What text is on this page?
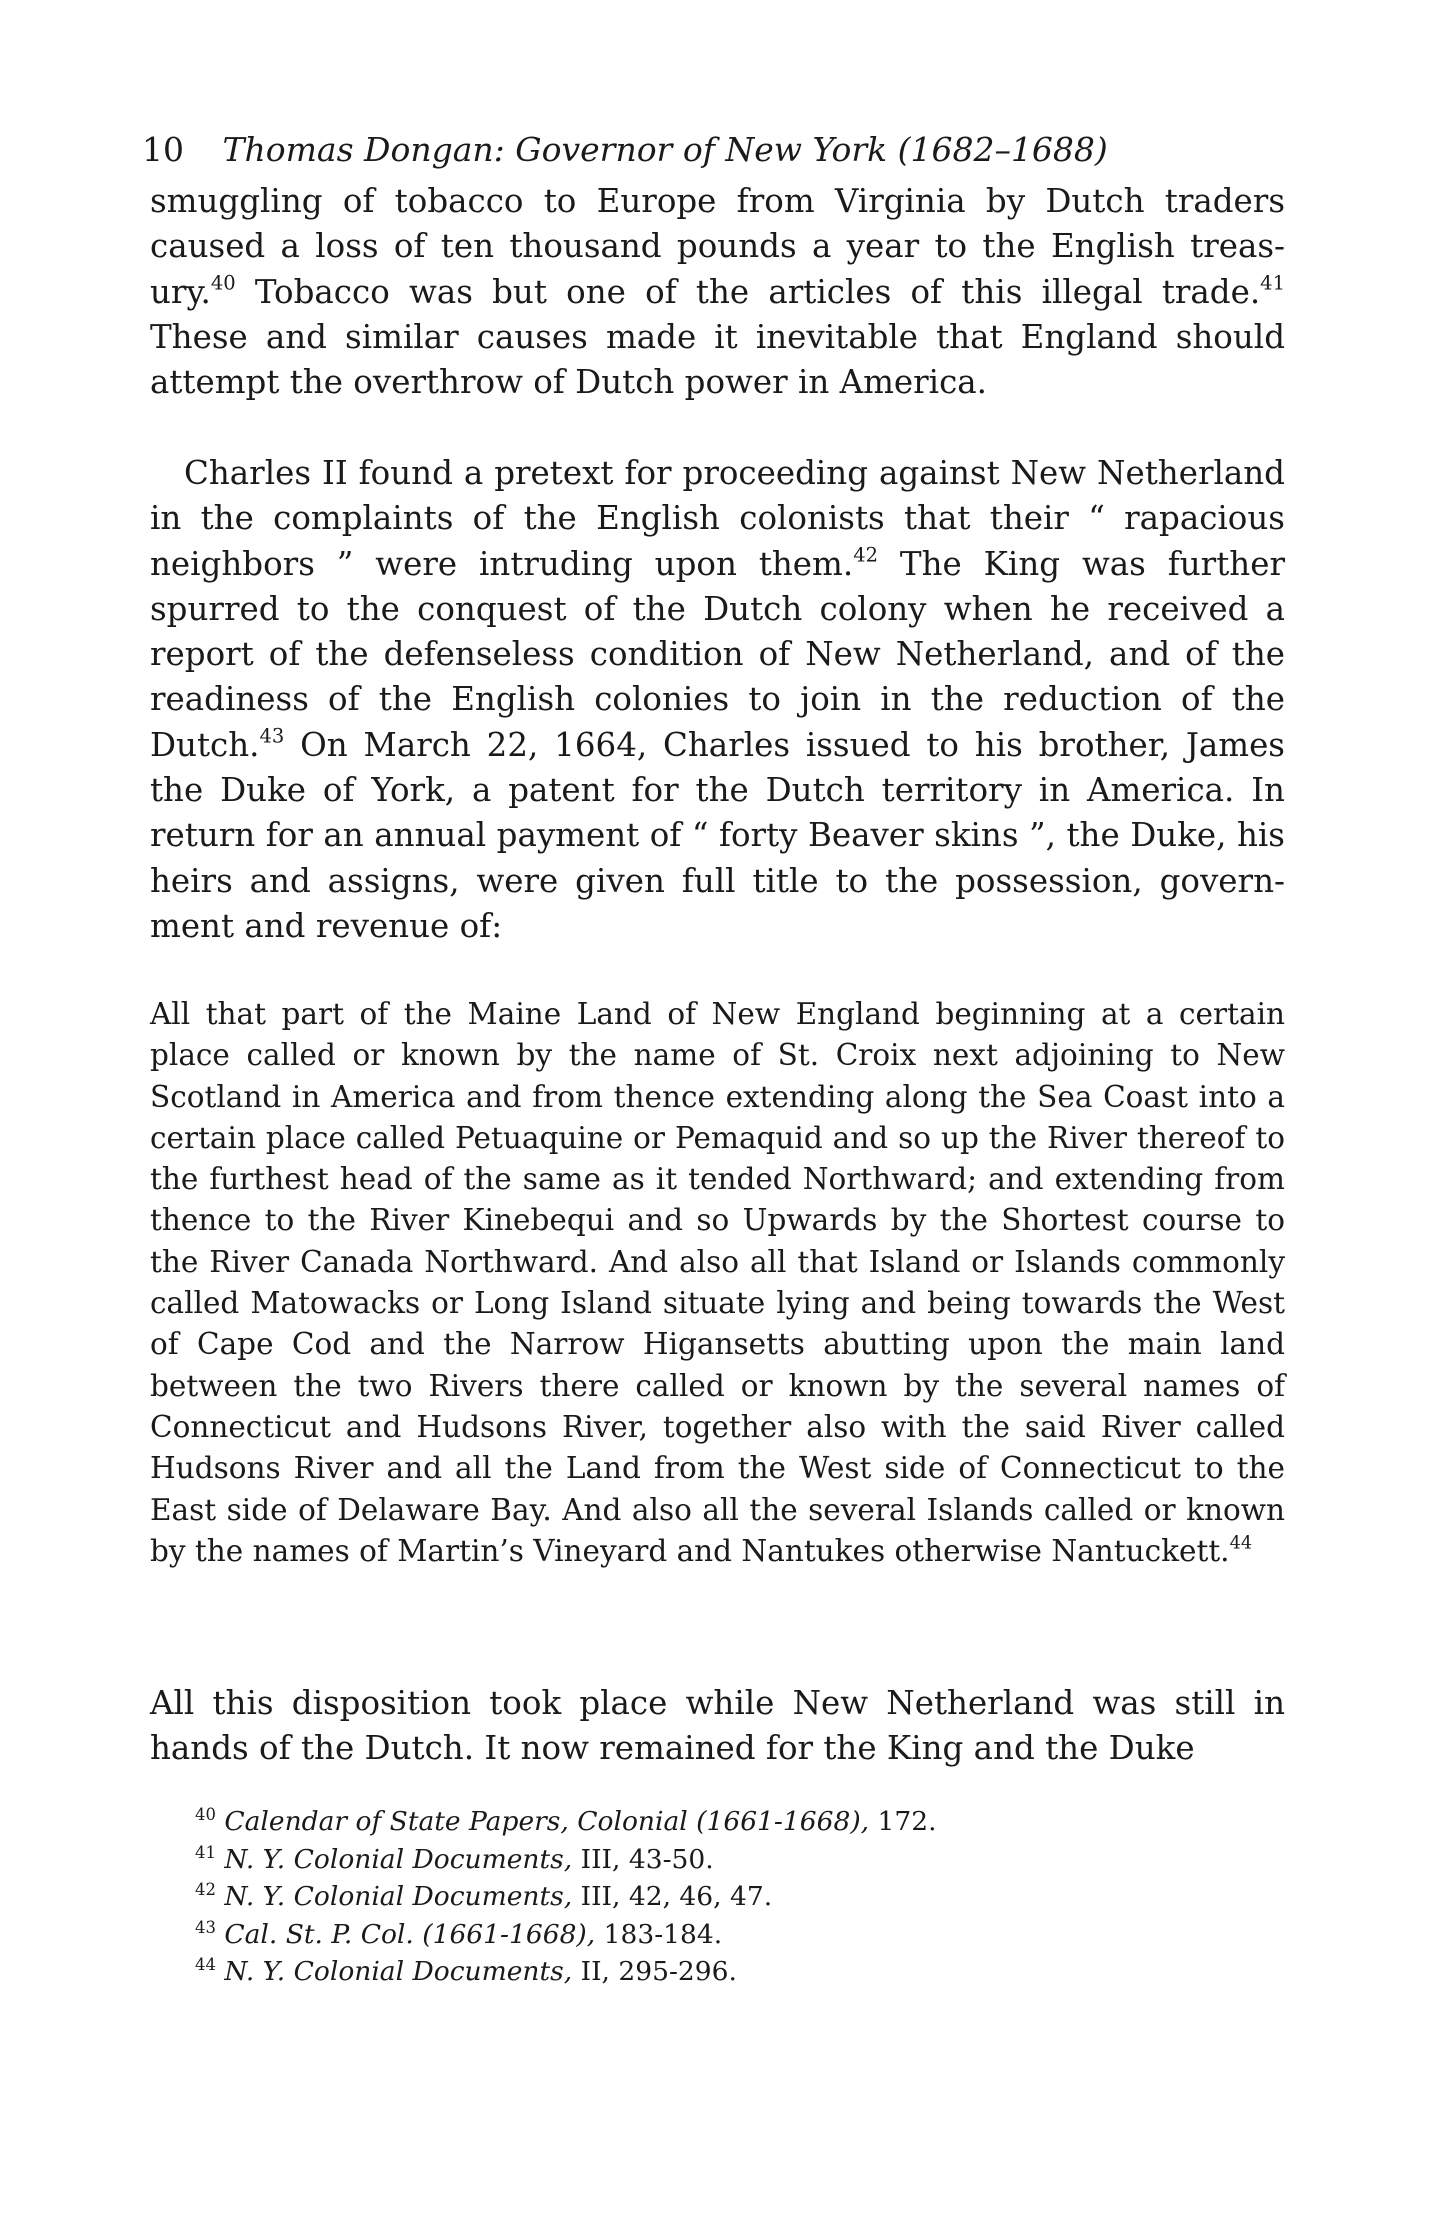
10 Thomas Dongan: Governor of New York (1682–1688)

smuggling of tobacco to Europe from Virginia by Dutch traders caused a loss of ten thousand pounds a year to the English treasury.$^{40}$ Tobacco was but one of the articles of this illegal trade.$^{41}$ These and similar causes made it inevitable that England should attempt the overthrow of Dutch power in America.

Charles II found a pretext for proceeding against New Netherland in the complaints of the English colonists that their “ rapacious neighbors ” were intruding upon them.$^{42}$ The King was further spurred to the conquest of the Dutch colony when he received a report of the defenseless condition of New Netherland, and of the readiness of the English colonies to join in the reduction of the Dutch.$^{43}$ On March 22, 1664, Charles issued to his brother, James the Duke of York, a patent for the Dutch territory in America. In return for an annual payment of “ forty Beaver skins ”, the Duke, his heirs and assigns, were given full title to the possession, government and revenue of:

All that part of the Maine Land of New England beginning at a certain place called or known by the name of St. Croix next adjoining to New Scotland in America and from thence extending along the Sea Coast into a certain place called Petuaquine or Pemaquid and so up the River thereof to the furthest head of the same as it tended Northward; and extending from thence to the River Kinebequi and so Upwards by the Shortest course to the River Canada Northward. And also all that Island or Islands commonly called Matowacks or Long Island situate lying and being towards the West of Cape Cod and the Narrow Higansetts abutting upon the main land between the two Rivers there called or known by the several names of Connecticut and Hudsons River, together also with the said River called Hudsons River and all the Land from the West side of Connecticut to the East side of Delaware Bay. And also all the several Islands called or known by the names of Martin’s Vineyard and Nantukes otherwise Nantuckett.$^{44}$

All this disposition took place while New Netherland was still in hands of the Dutch. It now remained for the King and the Duke

$^{40}$ Calendar of State Papers, Colonial (1661-1668), 172.
$^{41}$ N. Y. Colonial Documents, III, 43-50.
$^{42}$ N. Y. Colonial Documents, III, 42, 46, 47.
$^{43}$ Cal. St. P. Col. (1661-1668), 183-184.
$^{44}$ N. Y. Colonial Documents, II, 295-296.
